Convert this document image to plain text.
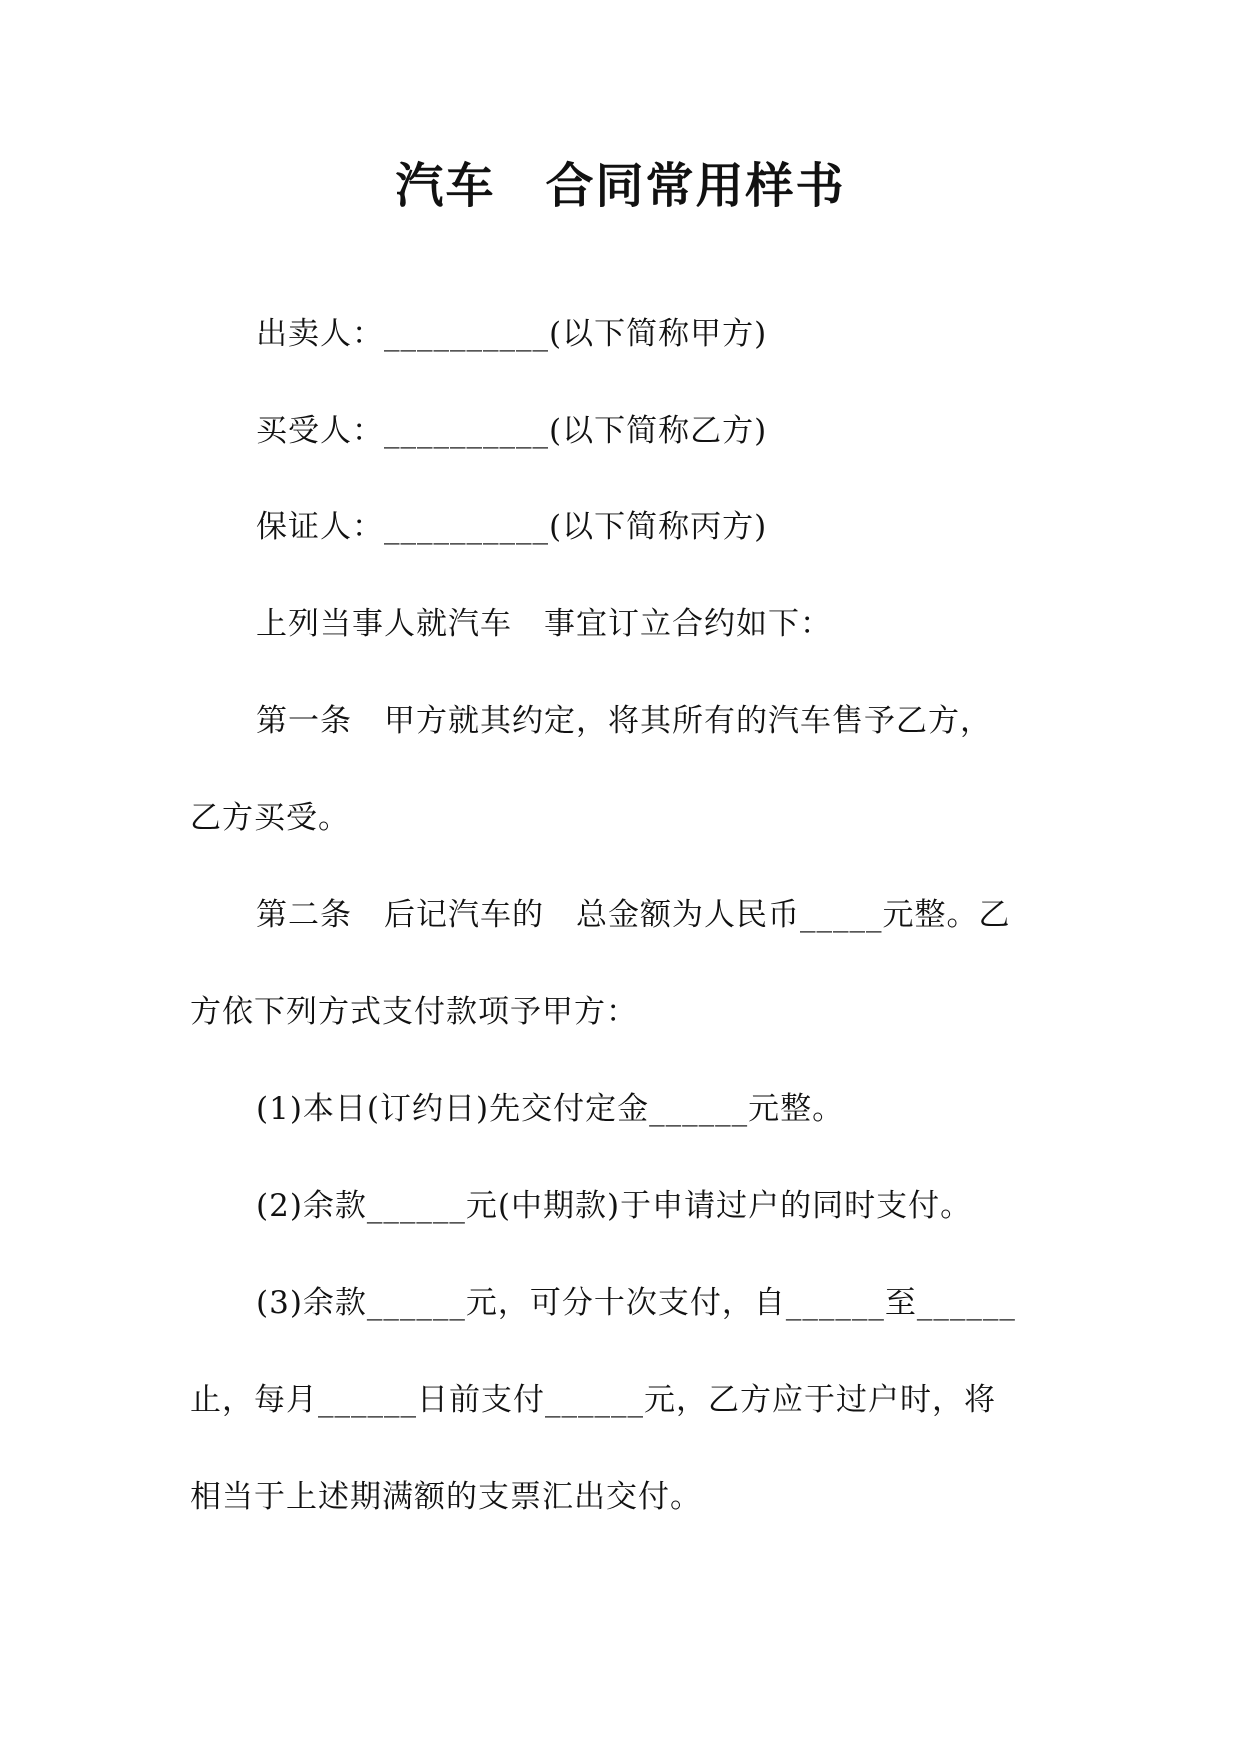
汽车　合同常用样书
出卖人：__________(以下简称甲方)
买受人：__________(以下简称乙方)
保证人：__________(以下简称丙方)
上列当事人就汽车　事宜订立合约如下：
第一条　甲方就其约定，将其所有的汽车售予乙方，
乙方买受。
第二条　后记汽车的　总金额为人民币_____元整。乙
方依下列方式支付款项予甲方：
(1)本日(订约日)先交付定金______元整。
(2)余款______元(中期款)于申请过户的同时支付。
(3)余款______元，可分十次支付，自______至______
止，每月______日前支付______元，乙方应于过户时，将
相当于上述期满额的支票汇出交付。
